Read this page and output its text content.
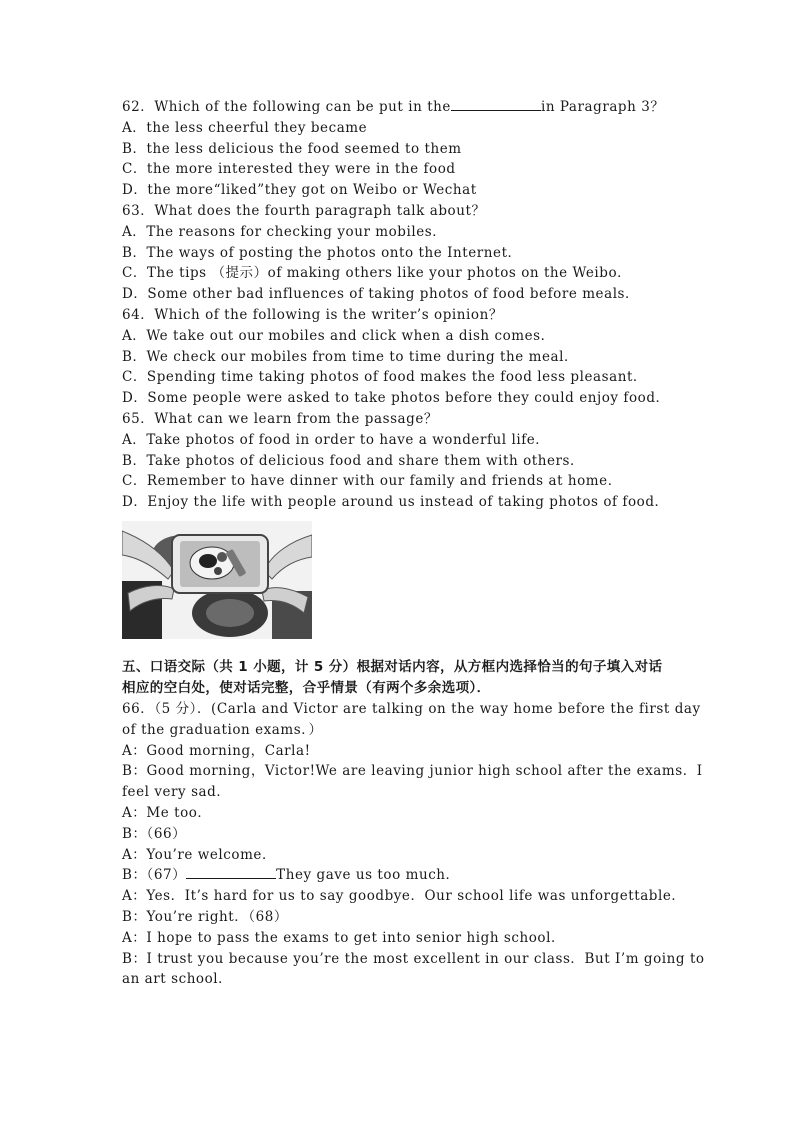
62．Which of the following can be put in the	in Paragraph 3？
A．the less cheerful they became
B．the less delicious the food seemed to them
C．the more interested they were in the food
D．the more“liked”they got on Weibo or Wechat
63．What does the fourth paragraph talk about？
A．The reasons for checking your mobiles．
B．The ways of posting the photos onto the Internet．
C．The tips （提示）of making others like your photos on the Weibo．
D．Some other bad influences of taking photos of food before meals．
64．Which of the following is the writer’s opinion？
A．We take out our mobiles and click when a dish comes．
B．We check our mobiles from time to time during the meal．
C．Spending time taking photos of food makes the food less pleasant．
D．Some people were asked to take photos before they could enjoy food．
65．What can we learn from the passage？
A．Take photos of food in order to have a wonderful life．
B．Take photos of delicious food and share them with others．
C．Remember to have dinner with our family and friends at home．
D．Enjoy the life with people around us instead of taking photos of food．
五、口语交际（共 1 小题，计 5 分）根据对话内容，从方框内选择恰当的句子填入对话
相应的空白处，使对话完整，合乎情景（有两个多余选项）．
66．（5 分）．(Carla and Victor are talking on the way home before the first day
of the graduation exams．）
A：Good morning，Carla!
B：Good morning，Victor!We are leaving junior high school after the exams．I
feel very sad．
A：Me too．
B：（66）
A：You’re welcome．
B：（67）	They gave us too much．
A：Yes．It’s hard for us to say goodbye．Our school life was unforgettable．
B：You’re right．（68）
A：I hope to pass the exams to get into senior high school．
B：I trust you because you’re the most excellent in our class．But I’m going to
an art school．
